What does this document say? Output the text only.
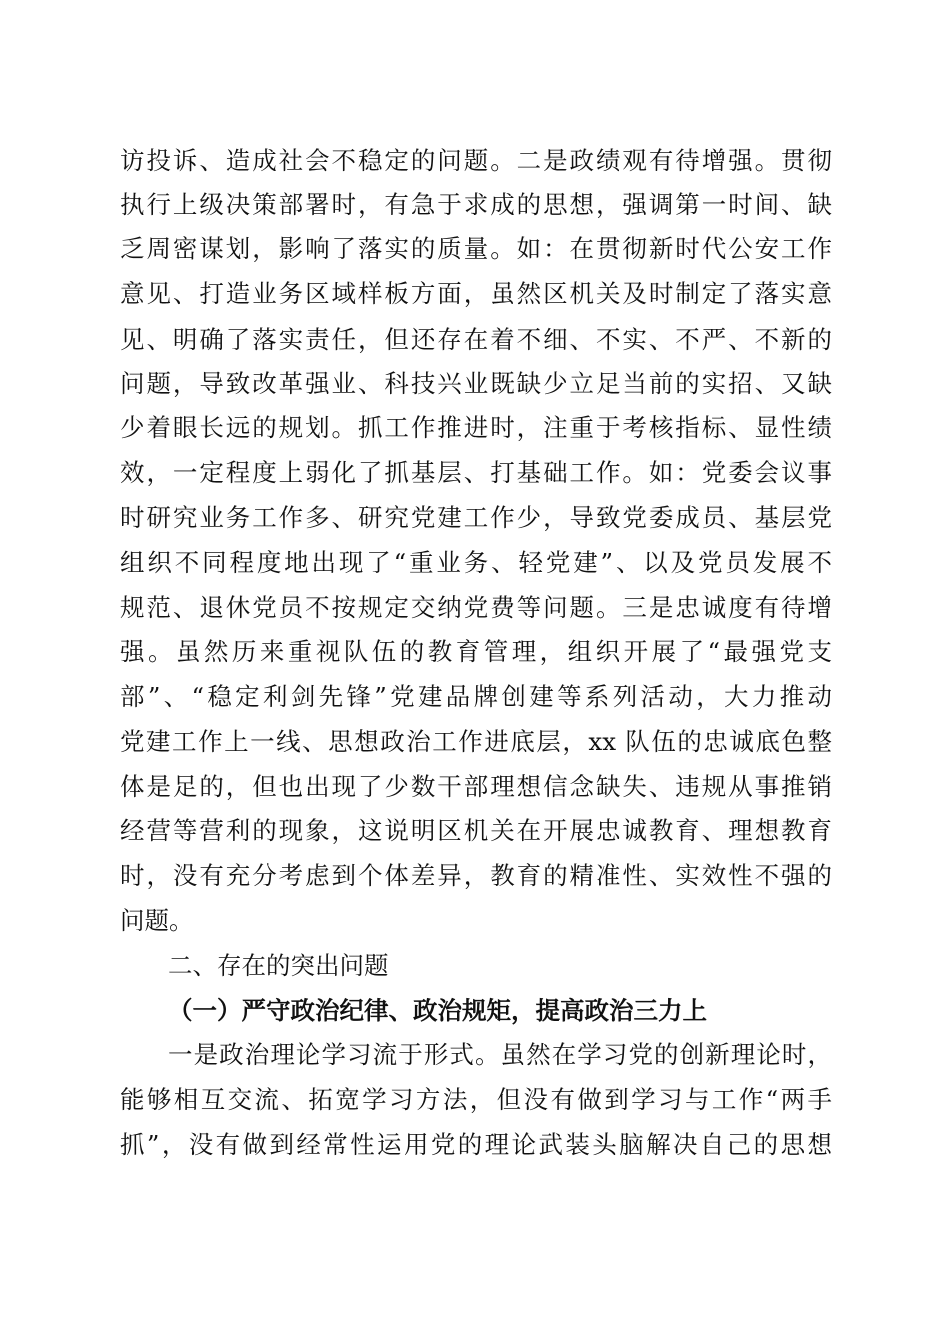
访投诉、造成社会不稳定的问题。二是政绩观有待增强。贯彻
执行上级决策部署时，有急于求成的思想，强调第一时间、缺
乏周密谋划，影响了落实的质量。如：在贯彻新时代公安工作
意见、打造业务区域样板方面，虽然区机关及时制定了落实意
见、明确了落实责任，但还存在着不细、不实、不严、不新的
问题，导致改革强业、科技兴业既缺少立足当前的实招、又缺
少着眼长远的规划。抓工作推进时，注重于考核指标、显性绩
效，一定程度上弱化了抓基层、打基础工作。如：党委会议事
时研究业务工作多、研究党建工作少，导致党委成员、基层党
组织不同程度地出现了“重业务、轻党建”、以及党员发展不
规范、退休党员不按规定交纳党费等问题。三是忠诚度有待增
强。虽然历来重视队伍的教育管理，组织开展了“最强党支
部”、“稳定利剑先锋”党建品牌创建等系列活动，大力推动
党建工作上一线、思想政治工作进底层，xx 队伍的忠诚底色整
体是足的，但也出现了少数干部理想信念缺失、违规从事推销
经营等营利的现象，这说明区机关在开展忠诚教育、理想教育
时，没有充分考虑到个体差异，教育的精准性、实效性不强的
问题。
二、存在的突出问题
（一）严守政治纪律、政治规矩，提高政治三力上
一是政治理论学习流于形式。虽然在学习党的创新理论时，
能够相互交流、拓宽学习方法，但没有做到学习与工作“两手
抓”，没有做到经常性运用党的理论武装头脑解决自己的思想
